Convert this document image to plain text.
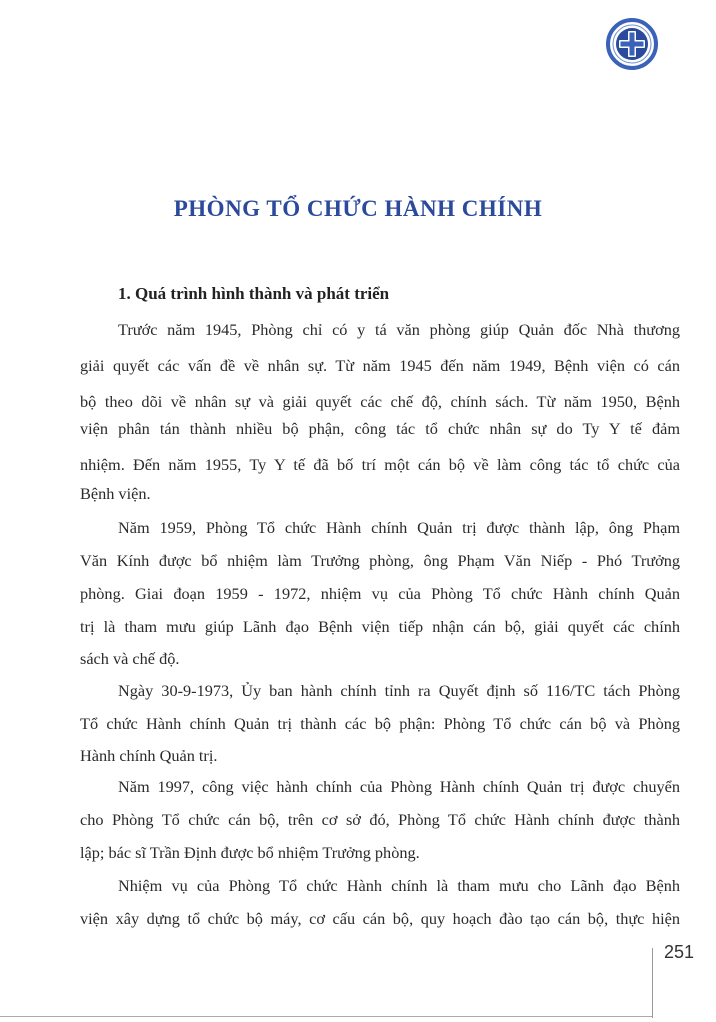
PHÒNG TỔ CHỨC HÀNH CHÍNH
1. Quá trình hình thành và phát triển
Trước năm 1945, Phòng chỉ có y tá văn phòng giúp Quản đốc Nhà thương
giải quyết các vấn đề về nhân sự. Từ năm 1945 đến năm 1949, Bệnh viện có cán
bộ theo dõi về nhân sự và giải quyết các chế độ, chính sách. Từ năm 1950, Bệnh
viện phân tán thành nhiều bộ phận, công tác tổ chức nhân sự do Ty Y tế đảm
nhiệm. Đến năm 1955, Ty Y tế đã bố trí một cán bộ về làm công tác tổ chức của
Bệnh viện.
Năm 1959, Phòng Tổ chức Hành chính Quản trị được thành lập, ông Phạm
Văn Kính được bổ nhiệm làm Trưởng phòng, ông Phạm Văn Niếp - Phó Trưởng
phòng. Giai đoạn 1959 - 1972, nhiệm vụ của Phòng Tổ chức Hành chính Quản
trị là tham mưu giúp Lãnh đạo Bệnh viện tiếp nhận cán bộ, giải quyết các chính
sách và chế độ.
Ngày 30-9-1973, Ủy ban hành chính tỉnh ra Quyết định số 116/TC tách Phòng
Tổ chức Hành chính Quản trị thành các bộ phận: Phòng Tổ chức cán bộ và Phòng
Hành chính Quản trị.
Năm 1997, công việc hành chính của Phòng Hành chính Quản trị được chuyển
cho Phòng Tổ chức cán bộ, trên cơ sở đó, Phòng Tổ chức Hành chính được thành
lập; bác sĩ Trần Định được bổ nhiệm Trưởng phòng.
Nhiệm vụ của Phòng Tổ chức Hành chính là tham mưu cho Lãnh đạo Bệnh
viện xây dựng tổ chức bộ máy, cơ cấu cán bộ, quy hoạch đào tạo cán bộ, thực hiện
251
